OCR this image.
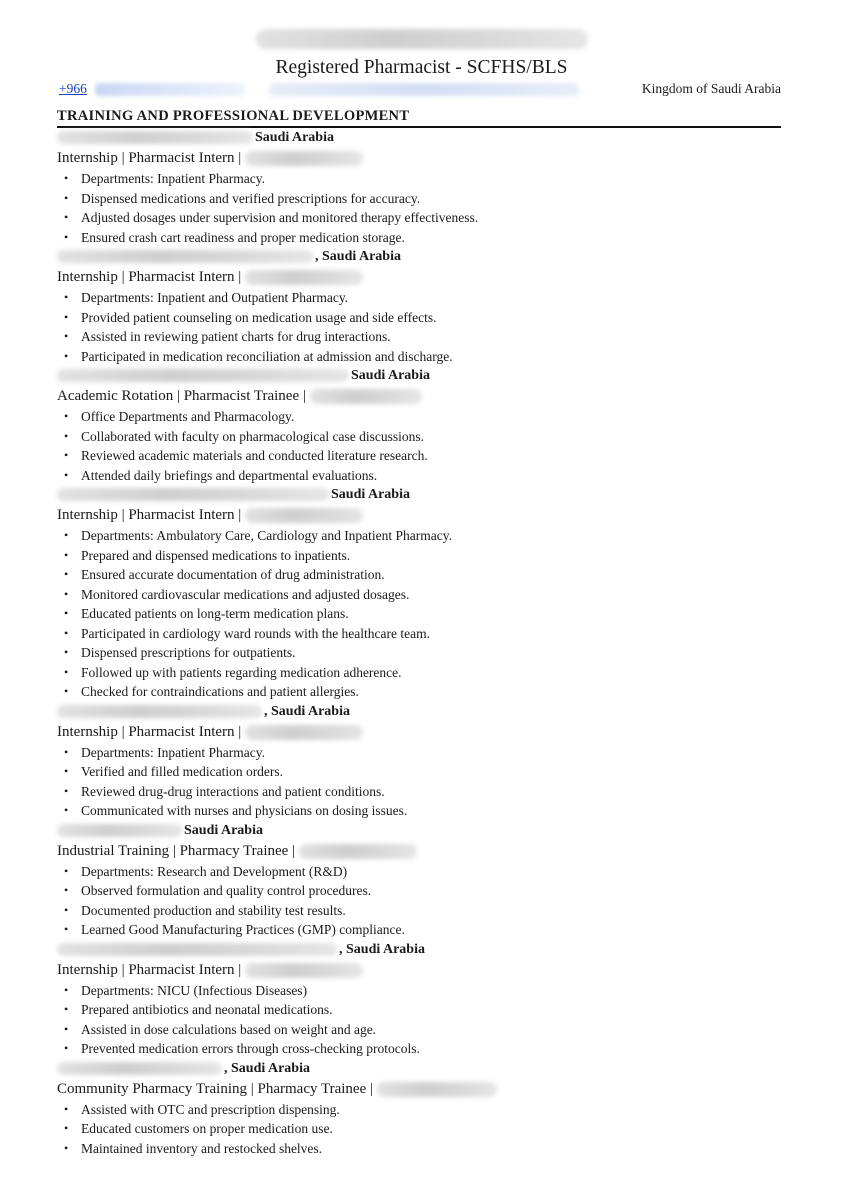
Registered Pharmacist - SCFHS/BLS
+966	Kingdom of Saudi Arabia
TRAINING AND PROFESSIONAL DEVELOPMENT
Saudi Arabia
Internship | Pharmacist Intern |
• Departments: Inpatient Pharmacy.
• Dispensed medications and verified prescriptions for accuracy.
• Adjusted dosages under supervision and monitored therapy effectiveness.
• Ensured crash cart readiness and proper medication storage.
, Saudi Arabia
Internship | Pharmacist Intern |
• Departments: Inpatient and Outpatient Pharmacy.
• Provided patient counseling on medication usage and side effects.
• Assisted in reviewing patient charts for drug interactions.
• Participated in medication reconciliation at admission and discharge.
Saudi Arabia
Academic Rotation | Pharmacist Trainee |
• Office Departments and Pharmacology.
• Collaborated with faculty on pharmacological case discussions.
• Reviewed academic materials and conducted literature research.
• Attended daily briefings and departmental evaluations.
Saudi Arabia
Internship | Pharmacist Intern |
• Departments: Ambulatory Care, Cardiology and Inpatient Pharmacy.
• Prepared and dispensed medications to inpatients.
• Ensured accurate documentation of drug administration.
• Monitored cardiovascular medications and adjusted dosages.
• Educated patients on long-term medication plans.
• Participated in cardiology ward rounds with the healthcare team.
• Dispensed prescriptions for outpatients.
• Followed up with patients regarding medication adherence.
• Checked for contraindications and patient allergies.
, Saudi Arabia
Internship | Pharmacist Intern |
• Departments: Inpatient Pharmacy.
• Verified and filled medication orders.
• Reviewed drug-drug interactions and patient conditions.
• Communicated with nurses and physicians on dosing issues.
Saudi Arabia
Industrial Training | Pharmacy Trainee |
• Departments: Research and Development (R&D)
• Observed formulation and quality control procedures.
• Documented production and stability test results.
• Learned Good Manufacturing Practices (GMP) compliance.
, Saudi Arabia
Internship | Pharmacist Intern |
• Departments: NICU (Infectious Diseases)
• Prepared antibiotics and neonatal medications.
• Assisted in dose calculations based on weight and age.
• Prevented medication errors through cross-checking protocols.
, Saudi Arabia
Community Pharmacy Training | Pharmacy Trainee |
• Assisted with OTC and prescription dispensing.
• Educated customers on proper medication use.
• Maintained inventory and restocked shelves.
